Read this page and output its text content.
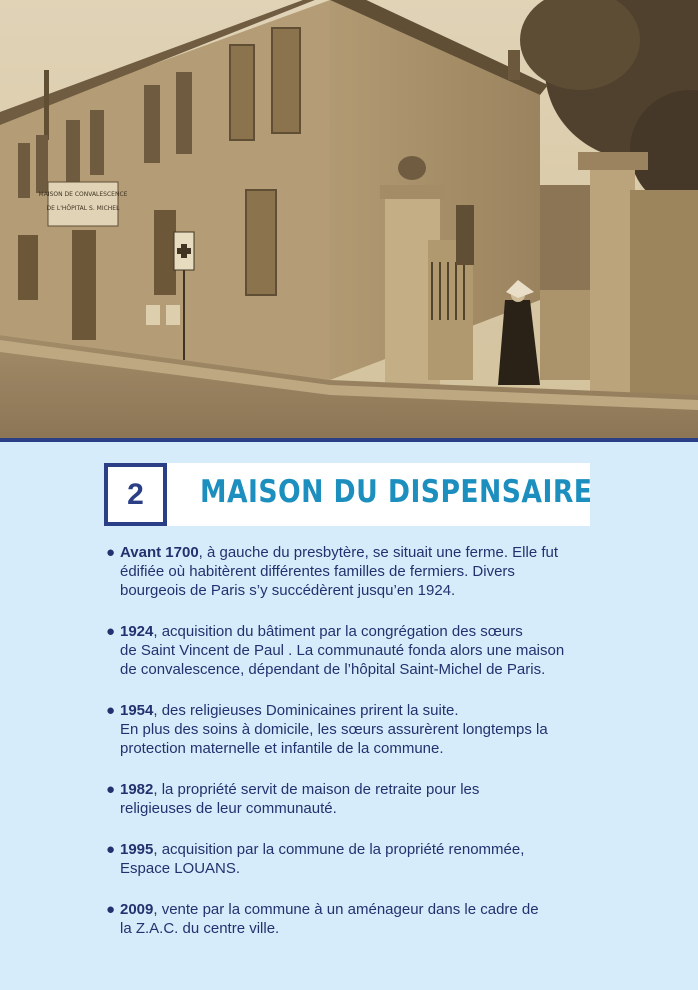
MAISON DE CONVALESCENCE
DE L'HÔPITAL S. MICHEL
2	MAISON DU DISPENSAIRE
● Avant 1700, à gauche du presbytère, se situait une ferme. Elle fut
édifiée où habitèrent différentes familles de fermiers. Divers
bourgeois de Paris s’y succédèrent jusqu’en 1924.
● 1924, acquisition du bâtiment par la congrégation des sœurs
de Saint Vincent de Paul . La communauté fonda alors une maison
de convalescence, dépendant de l’hôpital Saint-Michel de Paris.
● 1954, des religieuses Dominicaines prirent la suite.
En plus des soins à domicile, les sœurs assurèrent longtemps la
protection maternelle et infantile de la commune.
● 1982, la propriété servit de maison de retraite pour les
religieuses de leur communauté.
● 1995, acquisition par la commune de la propriété renommée,
Espace LOUANS.
● 2009, vente par la commune à un aménageur dans le cadre de
la Z.A.C. du centre ville.
